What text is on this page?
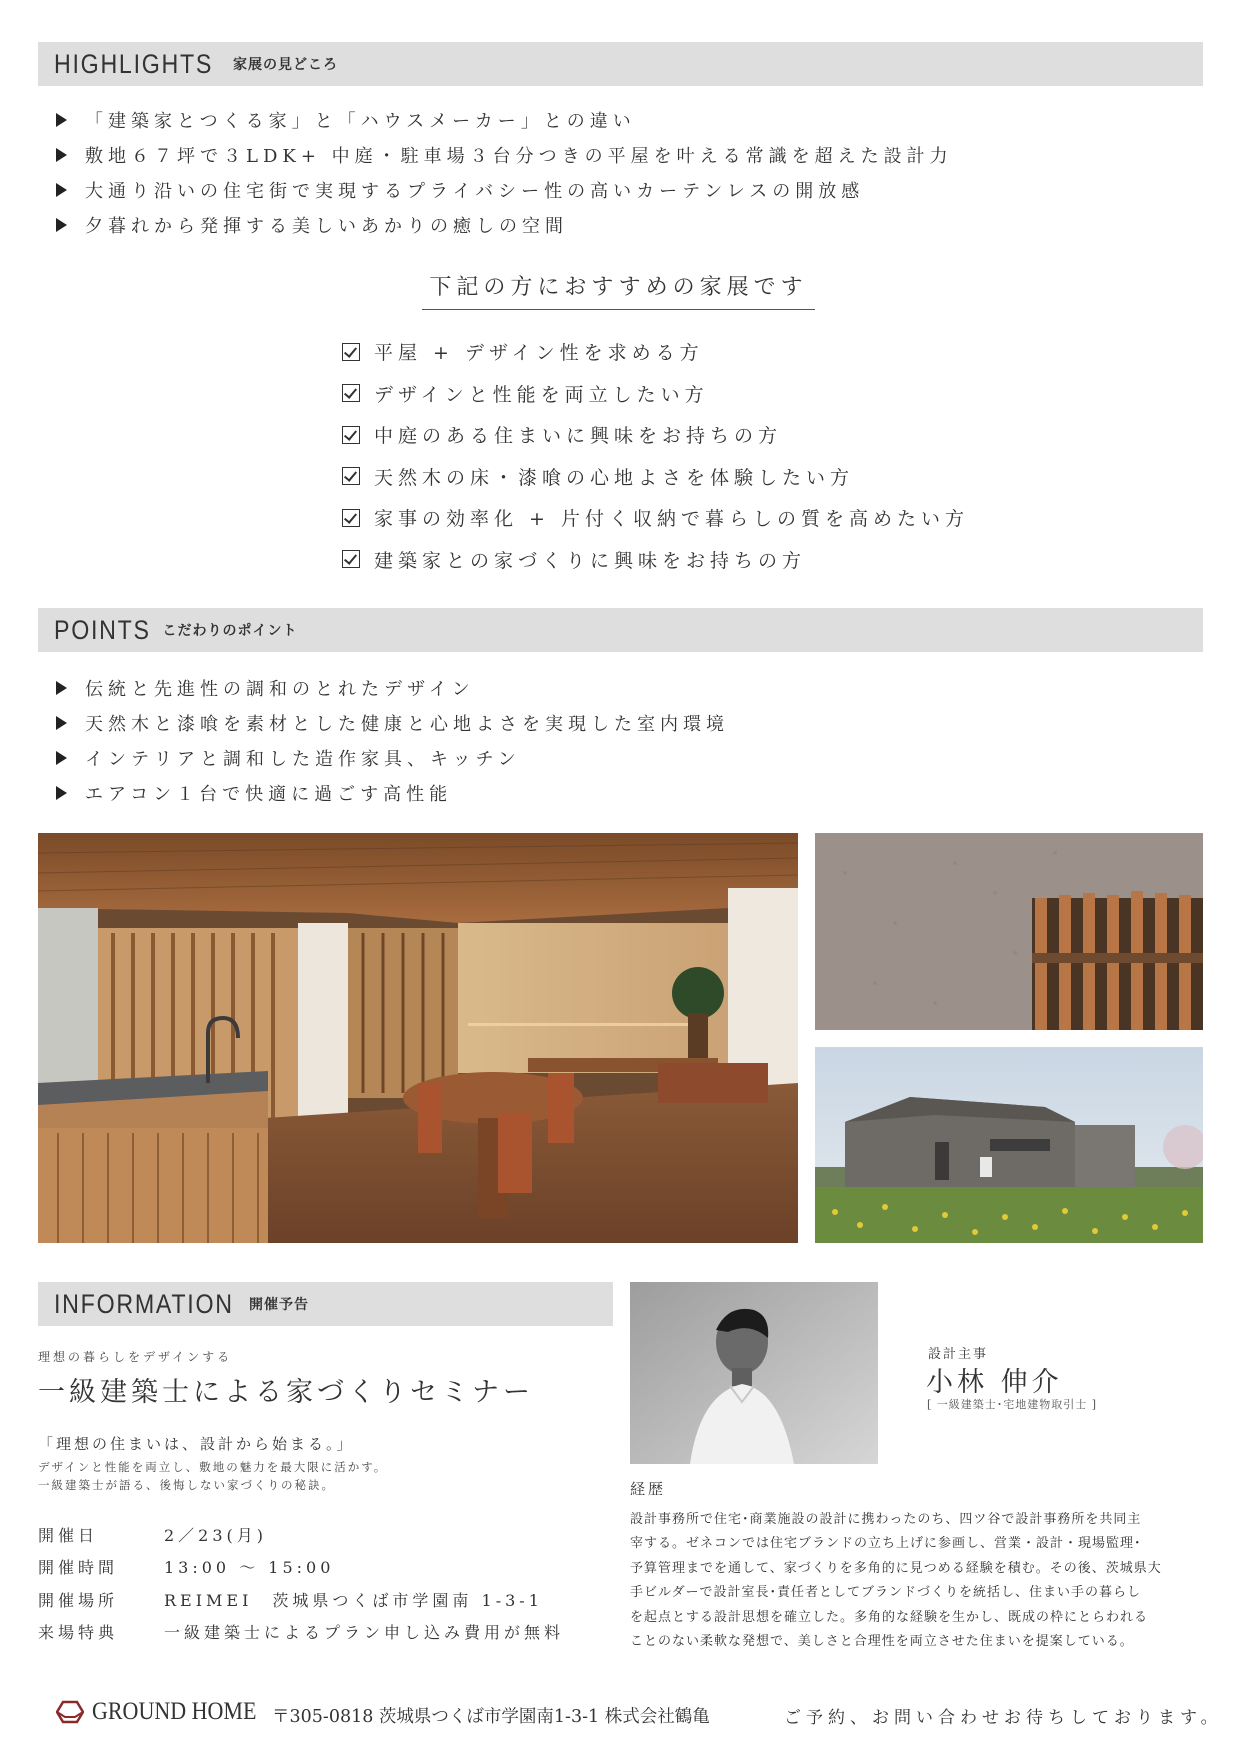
HIGHLIGHTS 家展の見どころ
「建築家とつくる家」と「ハウスメーカー」との違い
敷地６７坪で３LDK+ 中庭・駐車場３台分つきの平屋を叶える常識を超えた設計力
大通り沿いの住宅街で実現するプライバシー性の高いカーテンレスの開放感
夕暮れから発揮する美しいあかりの癒しの空間
下記の方におすすめの家展です
平屋 + デザイン性を求める方
デザインと性能を両立したい方
中庭のある住まいに興味をお持ちの方
天然木の床・漆喰の心地よさを体験したい方
家事の効率化 + 片付く収納で暮らしの質を高めたい方
建築家との家づくりに興味をお持ちの方
POINTS こだわりのポイント
伝統と先進性の調和のとれたデザイン
天然木と漆喰を素材とした健康と心地よさを実現した室内環境
インテリアと調和した造作家具、キッチン
エアコン１台で快適に過ごす高性能
INFORMATION 開催予告
理想の暮らしをデザインする
一級建築士による家づくりセミナー
「理想の住まいは、設計から始まる。」
デザインと性能を両立し、敷地の魅力を最大限に活かす。
一級建築士が語る、後悔しない家づくりの秘訣。
開催日	2／23(月)
開催時間	13:00 〜 15:00
開催場所	REIMEI　茨城県つくば市学園南 1-3-1
来場特典	一級建築士によるプラン申し込み費用が無料
設計主事
小林 伸介
[ 一級建築士･宅地建物取引士 ]
経歴
設計事務所で住宅･商業施設の設計に携わったのち、四ツ谷で設計事務所を共同主
宰する。ゼネコンでは住宅ブランドの立ち上げに参画し、営業・設計・現場監理･
予算管理までを通して、家づくりを多角的に見つめる経験を積む。その後、茨城県大
手ビルダーで設計室長･責任者としてブランドづくりを統括し、住まい手の暮らし
を起点とする設計思想を確立した。多角的な経験を生かし、既成の枠にとらわれる
ことのない柔軟な発想で、美しさと合理性を両立させた住まいを提案している。
GROUND HOME 〒305-0818 茨城県つくば市学園南1-3-1 株式会社鶴亀	ご予約、お問い合わせお待ちしております。
